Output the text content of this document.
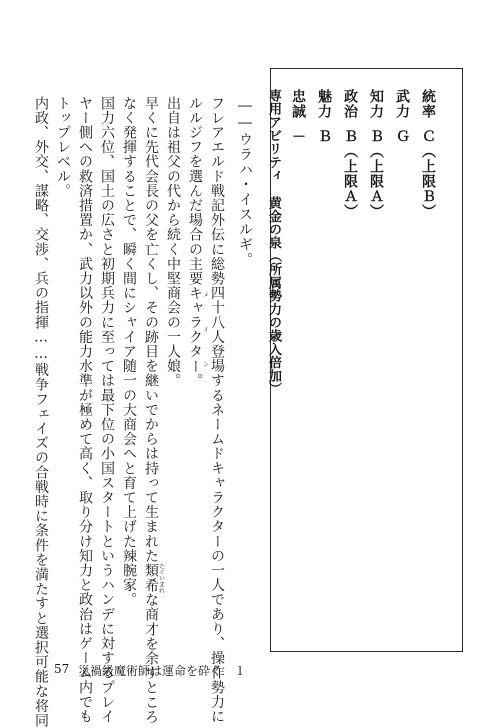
統率Ｃ（上限Ｂ）
武力Ｇ
知力Ｂ（上限Ａ）
政治Ｂ（上限Ａ）
魅力Ｂ
忠誠－
専用アビリティ黄金の泉（所属勢力の歳入倍加）
――ウラハ・イスルギ。
フレアエルド戦記外伝に総勢四十八人登場するネームドキャラクターの一人であり、操作勢力に
ルルジフを選んだ場合の主要キャラクターメイン。
出自は祖父の代から続く中堅商会の一人娘。
早くに先代会長の父を亡くし、その跡目を継いでからは持って生まれた類希たぐいまれな商才を余すところ
なく発揮することで、瞬く間にシャイア随一の大商会へと育て上げた辣腕家。
国力六位、国土の広さと初期兵力に至っては最下位の小国スタートというハンデに対するプレイ
ヤー側への救済措置か、武力以外の能力水準が極めて高く、取り分け知力と政治はゲーム内でも
トップレベル。
内政、外交、謀略、交渉、兵の指揮……戦争フェイズの合戦時に条件を満たすと選択可能な将同 57 災禍級魔術師は運命を砕く　１
